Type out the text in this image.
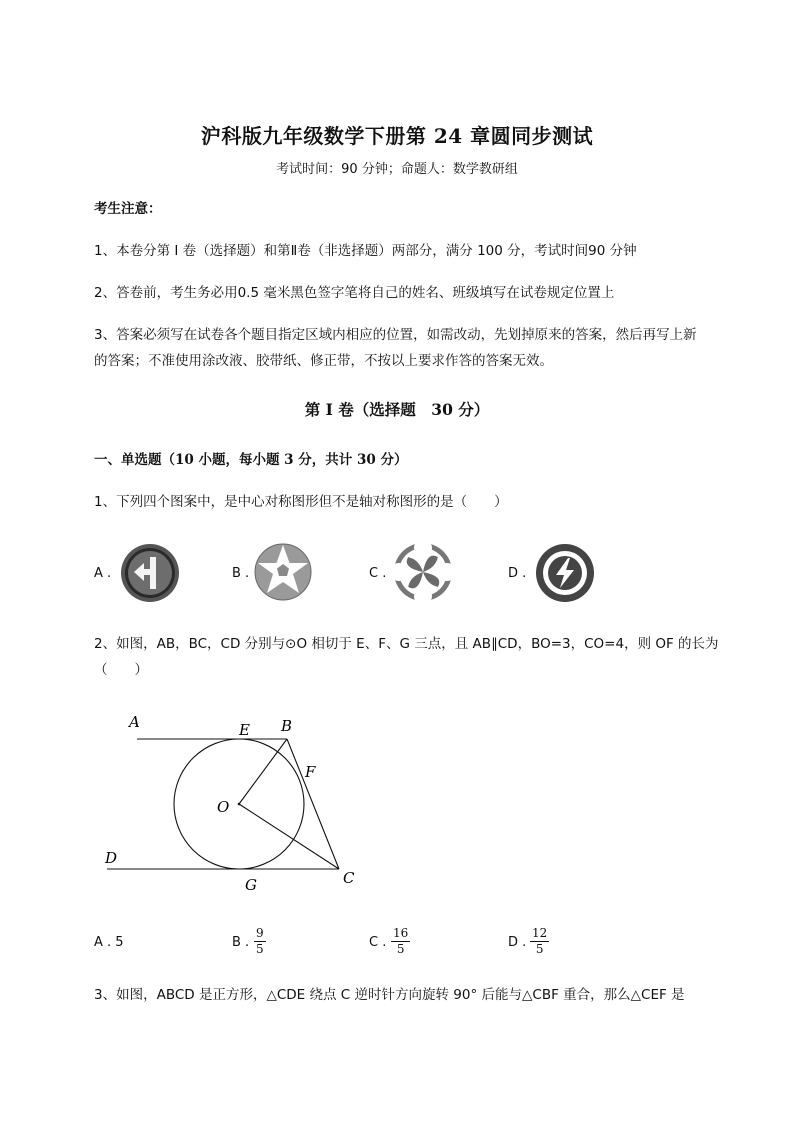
沪科版九年级数学下册第 24 章圆同步测试
考试时间：90 分钟；命题人：数学教研组
考生注意：
1、本卷分第 I 卷（选择题）和第Ⅱ卷（非选择题）两部分，满分 100 分，考试时间90 分钟
2、答卷前，考生务必用0.5 毫米黑色签字笔将自己的姓名、班级填写在试卷规定位置上
3、答案必须写在试卷各个题目指定区域内相应的位置，如需改动，先划掉原来的答案，然后再写上新
的答案；不准使用涂改液、胶带纸、修正带，不按以上要求作答的答案无效。
第 I 卷（选择题　30 分）
一、单选题（10 小题，每小题 3 分，共计 30 分）
1、下列四个图案中，是中心对称图形但不是轴对称图形的是（　　）
A .	B .	C .	D .
2、如图，AB，BC，CD 分别与⊙O 相切于 E、F、G 三点，且 AB∥CD，BO=3，CO=4，则 OF 的长为
（　　）
A	E B
F
O
D
G	C
A . 5	B .
9
5	C .
16
5	D .
12
5
3、如图，ABCD 是正方形，△CDE 绕点 C 逆时针方向旋转 90° 后能与△CBF 重合，那么△CEF 是
